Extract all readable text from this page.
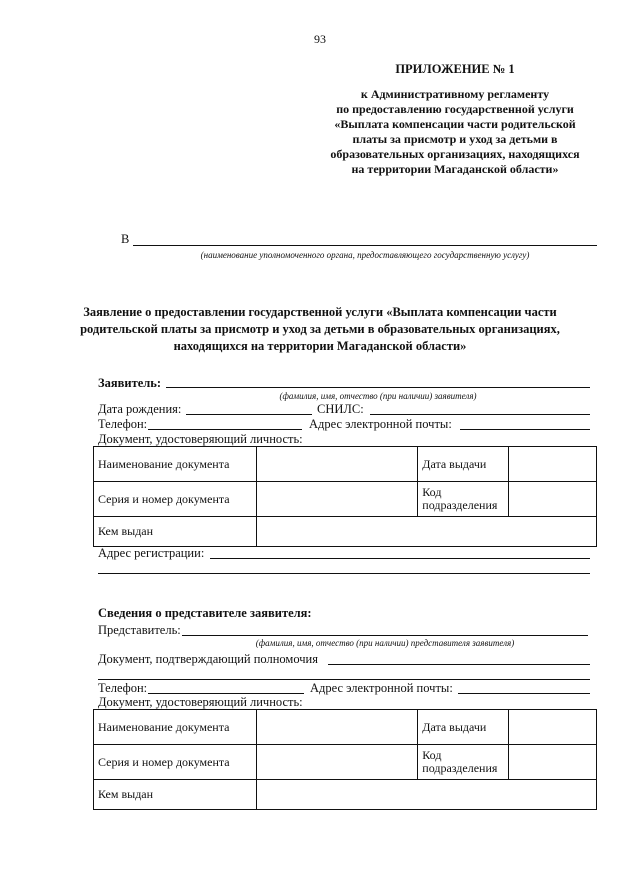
93
ПРИЛОЖЕНИЕ № 1
к Административному регламенту
по предоставлению государственной услуги
«Выплата компенсации части родительской
платы за присмотр и уход за детьми в
образовательных организациях, находящихся
на территории Магаданской области»
В
(наименование уполномоченного органа, предоставляющего государственную услугу)
Заявление о предоставлении государственной услуги «Выплата компенсации части
родительской платы за присмотр и уход за детьми в образовательных организациях,
находящихся на территории Магаданской области»
Заявитель:
(фамилия, имя, отчество (при наличии) заявителя)
Дата рождения:	СНИЛС:
Телефон:	Адрес электронной почты:
Документ, удостоверяющий личность:
Наименование документа		Дата выдачи	
Серия и номер документа		Код
подразделения	

Кем выдан			
Адрес регистрации:
Сведения о представителе заявителя:
Представитель:
(фамилия, имя, отчество (при наличии) представителя заявителя)
Документ, подтверждающий полномочия
Телефон:	Адрес электронной почты:
Документ, удостоверяющий личность:
Наименование документа		Дата выдачи	
Серия и номер документа		Код
подразделения	

Кем выдан			
